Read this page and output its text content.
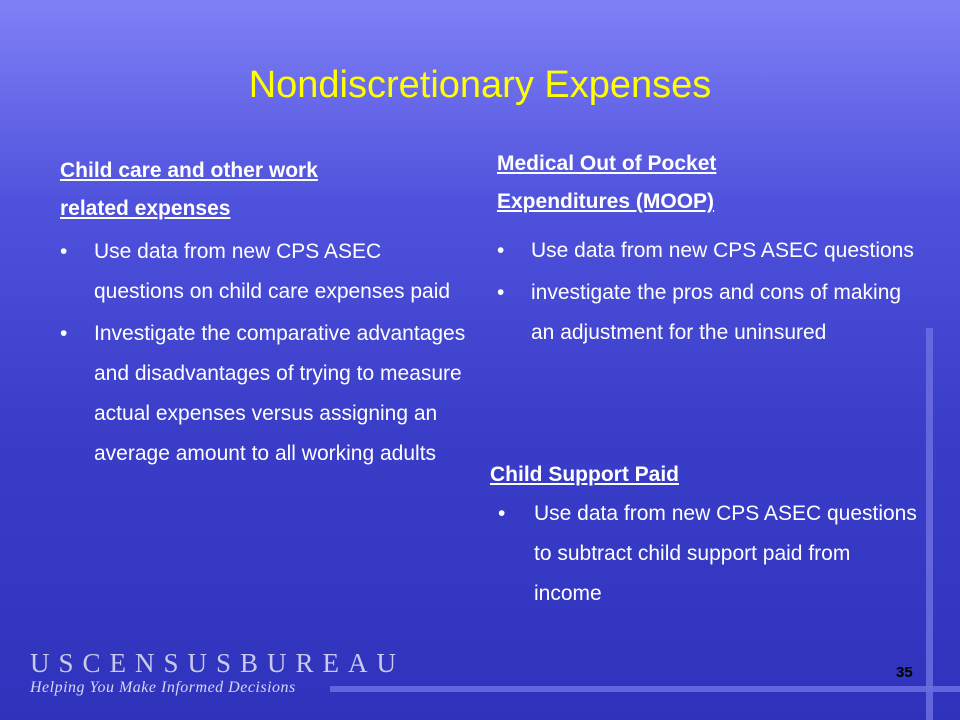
Nondiscretionary Expenses
Child care and other work
related expenses
• Use data from new CPS ASEC questions on child care expenses paid
• Investigate the comparative advantages and disadvantages of trying to measure actual expenses versus assigning an average amount to all working adults
Medical Out of Pocket
Expenditures (MOOP)
• Use data from new CPS ASEC questions
• investigate the pros and cons of making an adjustment for the uninsured
Child Support Paid
• Use data from new CPS ASEC questions to subtract child support paid from income
USCENSUSBUREAU
Helping You Make Informed Decisions
35
